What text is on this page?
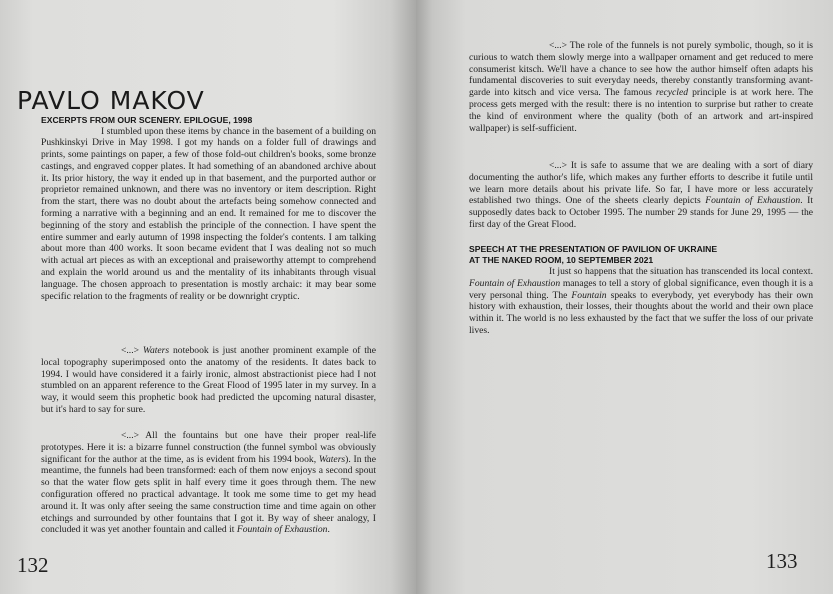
PAVLO MAKOV
EXCERPTS FROM OUR SCENERY. EPILOGUE, 1998

I stumbled upon these items by chance in the basement of a building on Pushkinskyi Drive in May 1998. I got my hands on a folder full of drawings and prints, some paintings on paper, a few of those fold-out children's books, some bronze castings, and engraved copper plates. It had something of an abandoned archive about it. Its prior history, the way it ended up in that basement, and the purported author or proprietor remained unknown, and there was no inventory or item description. Right from the start, there was no doubt about the artefacts being somehow connected and forming a narrative with a beginning and an end. It remained for me to discover the beginning of the story and establish the principle of the connection. I have spent the entire summer and early autumn of 1998 inspecting the folder's contents. I am talking about more than 400 works. It soon became evident that I was dealing not so much with actual art pieces as with an exceptional and praiseworthy attempt to comprehend and explain the world around us and the mentality of its inhabitants through visual language. The chosen approach to presentation is mostly archaic: it may bear some specific relation to the fragments of reality or be downright cryptic.

<...> Waters notebook is just another prominent example of the local topography superimposed onto the anatomy of the residents. It dates back to 1994. I would have considered it a fairly ironic, almost abstractionist piece had I not stumbled on an apparent reference to the Great Flood of 1995 later in my survey. In a way, it would seem this prophetic book had predicted the upcoming natural disaster, but it's hard to say for sure.

<...> All the fountains but one have their proper real-life prototypes. Here it is: a bizarre funnel construction (the funnel symbol was obviously significant for the author at the time, as is evident from his 1994 book, Waters). In the meantime, the funnels had been transformed: each of them now enjoys a second spout so that the water flow gets split in half every time it goes through them. The new configuration offered no practical advantage. It took me some time to get my head around it. It was only after seeing the same construction time and time again on other etchings and surrounded by other fountains that I got it. By way of sheer analogy, I concluded it was yet another fountain and called it Fountain of Exhaustion.

132

<...> The role of the funnels is not purely symbolic, though, so it is curious to watch them slowly merge into a wallpaper ornament and get reduced to mere consumerist kitsch. We'll have a chance to see how the author himself often adapts his fundamental discoveries to suit everyday needs, thereby constantly transforming avant-garde into kitsch and vice versa. The famous recycled principle is at work here. The process gets merged with the result: there is no intention to surprise but rather to create the kind of environment where the quality (both of an artwork and art-inspired wallpaper) is self-sufficient.

<...> It is safe to assume that we are dealing with a sort of diary documenting the author's life, which makes any further efforts to describe it futile until we learn more details about his private life. So far, I have more or less accurately established two things. One of the sheets clearly depicts Fountain of Exhaustion. It supposedly dates back to October 1995. The number 29 stands for June 29, 1995 — the first day of the Great Flood.

SPEECH AT THE PRESENTATION OF PAVILION OF UKRAINE
AT THE NAKED ROOM, 10 SEPTEMBER 2021

It just so happens that the situation has transcended its local context. Fountain of Exhaustion manages to tell a story of global significance, even though it is a very personal thing. The Fountain speaks to everybody, yet everybody has their own history with exhaustion, their losses, their thoughts about the world and their own place within it. The world is no less exhausted by the fact that we suffer the loss of our private lives.

133
